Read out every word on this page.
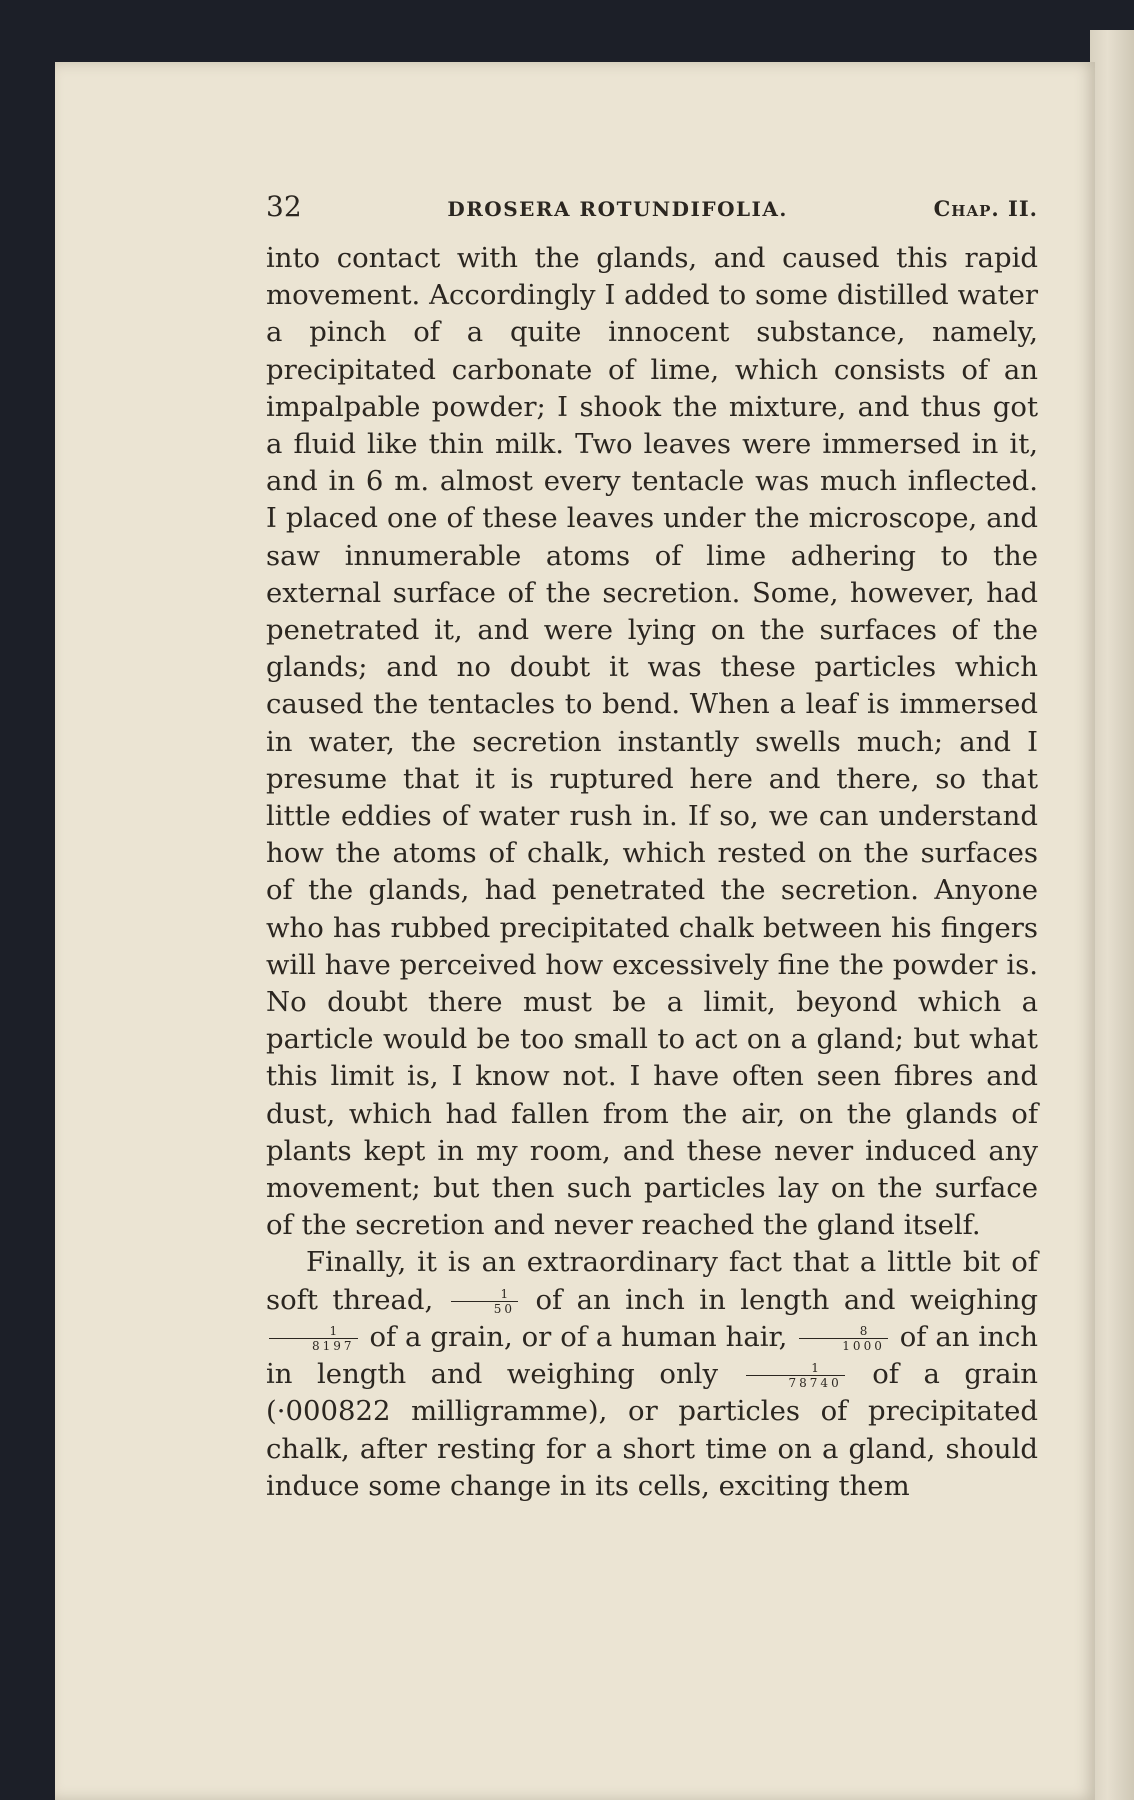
32	DROSERA ROTUNDIFOLIA.	Chap. II.

into contact with the glands, and caused this rapid movement. Accordingly I added to some distilled water a pinch of a quite innocent substance, namely, precipitated carbonate of lime, which consists of an impalpable powder; I shook the mixture, and thus got a fluid like thin milk. Two leaves were immersed in it, and in 6 m. almost every tentacle was much inflected. I placed one of these leaves under the microscope, and saw innumerable atoms of lime adhering to the external surface of the secretion. Some, however, had penetrated it, and were lying on the surfaces of the glands; and no doubt it was these particles which caused the tentacles to bend. When a leaf is immersed in water, the secretion instantly swells much; and I presume that it is ruptured here and there, so that little eddies of water rush in. If so, we can understand how the atoms of chalk, which rested on the surfaces of the glands, had penetrated the secretion. Anyone who has rubbed precipitated chalk between his fingers will have perceived how excessively fine the powder is. No doubt there must be a limit, beyond which a particle would be too small to act on a gland; but what this limit is, I know not. I have often seen fibres and dust, which had fallen from the air, on the glands of plants kept in my room, and these never induced any movement; but then such particles lay on the surface of the secretion and never reached the gland itself.

Finally, it is an extraordinary fact that a little bit of soft thread, $\frac{1}{50}$ of an inch in length and weighing
$\frac{1}{8197}$ of a grain, or of a human hair, $\frac{8}{1000}$ of an inch in length and weighing only $\frac{1}{78740}$ of a grain (·000822 milligramme), or particles of precipitated chalk, after resting for a short time on a gland, should induce some change in its cells, exciting them
